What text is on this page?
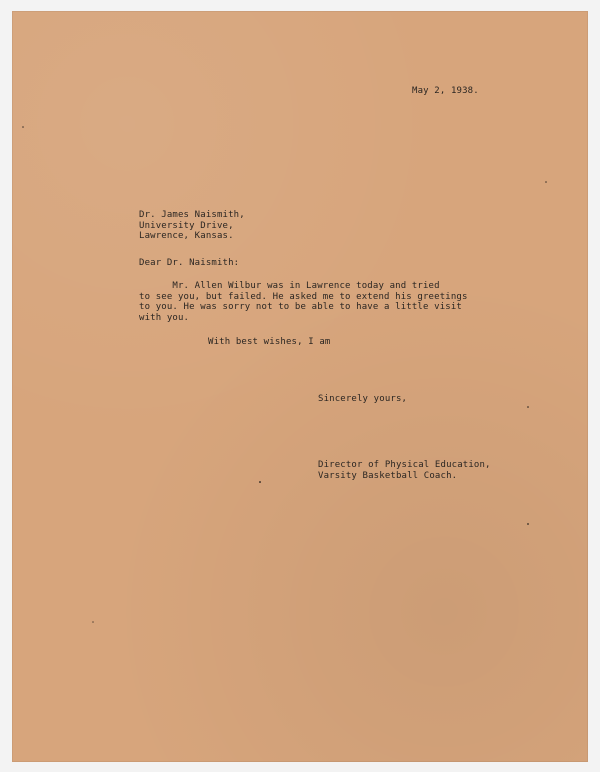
May 2, 1938.
Dr. James Naismith,
University Drive,
Lawrence, Kansas.
Dear Dr. Naismith:
Mr. Allen Wilbur was in Lawrence today and tried
to see you, but failed. He asked me to extend his greetings
to you. He was sorry not to be able to have a little visit
with you.
With best wishes, I am
Sincerely yours,
Director of Physical Education,
Varsity Basketball Coach.
